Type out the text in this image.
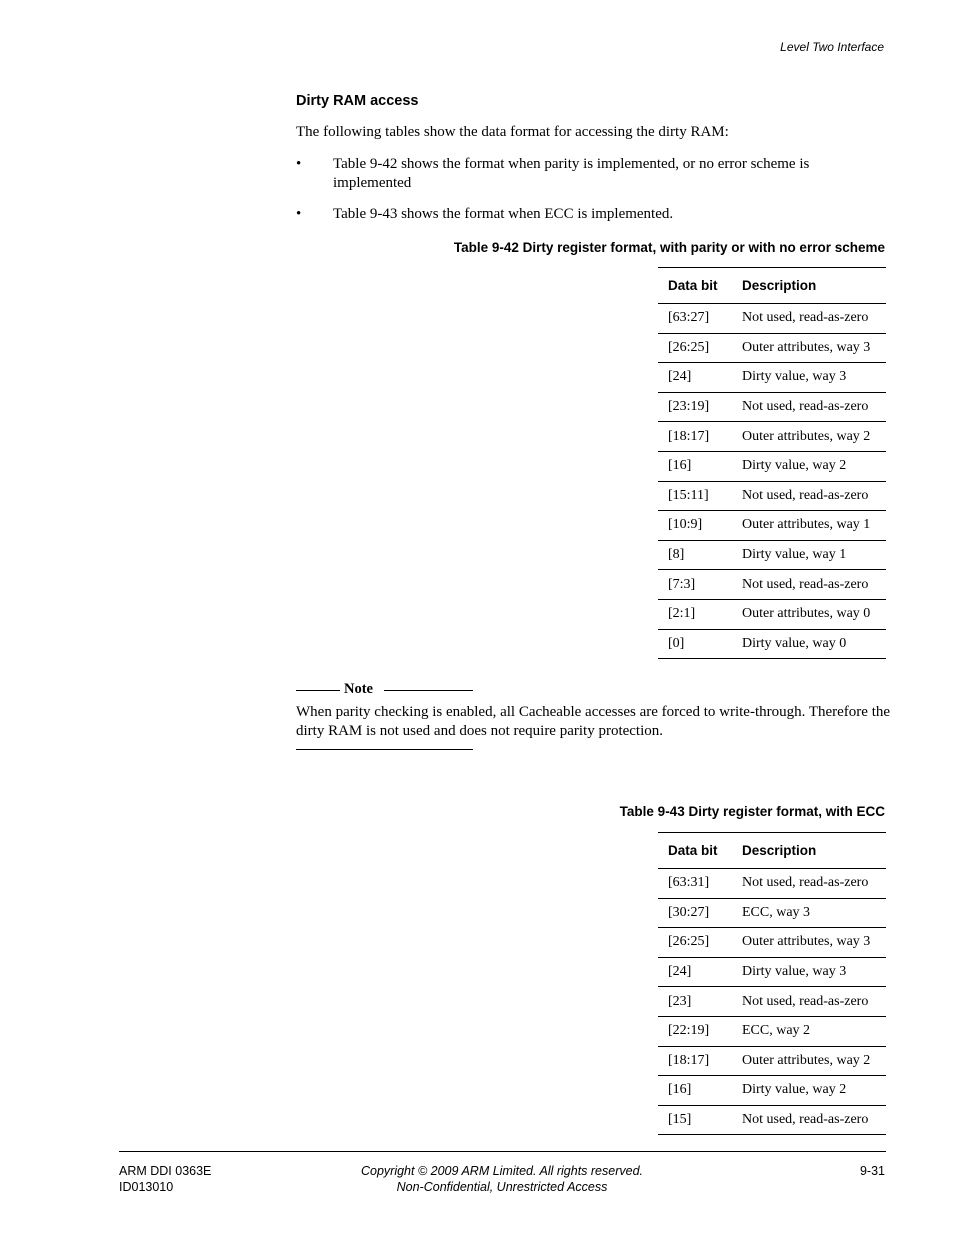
Level Two Interface
Dirty RAM access
The following tables show the data format for accessing the dirty RAM:
• Table 9-42 shows the format when parity is implemented, or no error scheme is implemented
• Table 9-43 shows the format when ECC is implemented.
Table 9-42 Dirty register format, with parity or with no error scheme
Data bit	Description
[63:27]	Not used, read-as-zero
[26:25]	Outer attributes, way 3
[24]	Dirty value, way 3
[23:19]	Not used, read-as-zero
[18:17]	Outer attributes, way 2
[16]	Dirty value, way 2
[15:11]	Not used, read-as-zero
[10:9]	Outer attributes, way 1
[8]	Dirty value, way 1
[7:3]	Not used, read-as-zero
[2:1]	Outer attributes, way 0
[0]	Dirty value, way 0
Note
When parity checking is enabled, all Cacheable accesses are forced to write-through. Therefore the dirty RAM is not used and does not require parity protection.
Table 9-43 Dirty register format, with ECC
Data bit	Description
[63:31]	Not used, read-as-zero
[30:27]	ECC, way 3
[26:25]	Outer attributes, way 3
[24]	Dirty value, way 3
[23]	Not used, read-as-zero
[22:19]	ECC, way 2
[18:17]	Outer attributes, way 2
[16]	Dirty value, way 2
[15]	Not used, read-as-zero
ARM DDI 0363E
ID013010
Copyright © 2009 ARM Limited. All rights reserved.
Non-Confidential, Unrestricted Access
9-31
